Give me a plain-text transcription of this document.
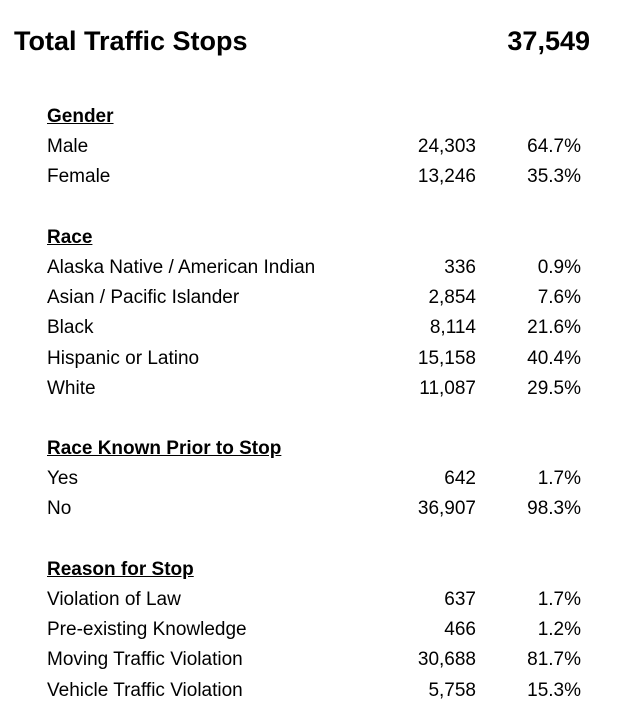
Total Traffic Stops	37,549
Gender
Male	24,303	64.7%
Female	13,246	35.3%
Race
Alaska Native / American Indian	336	0.9%
Asian / Pacific Islander	2,854	7.6%
Black	8,114	21.6%
Hispanic or Latino	15,158	40.4%
White	11,087	29.5%
Race Known Prior to Stop
Yes	642	1.7%
No	36,907	98.3%
Reason for Stop
Violation of Law	637	1.7%
Pre-existing Knowledge	466	1.2%
Moving Traffic Violation	30,688	81.7%
Vehicle Traffic Violation	5,758	15.3%
